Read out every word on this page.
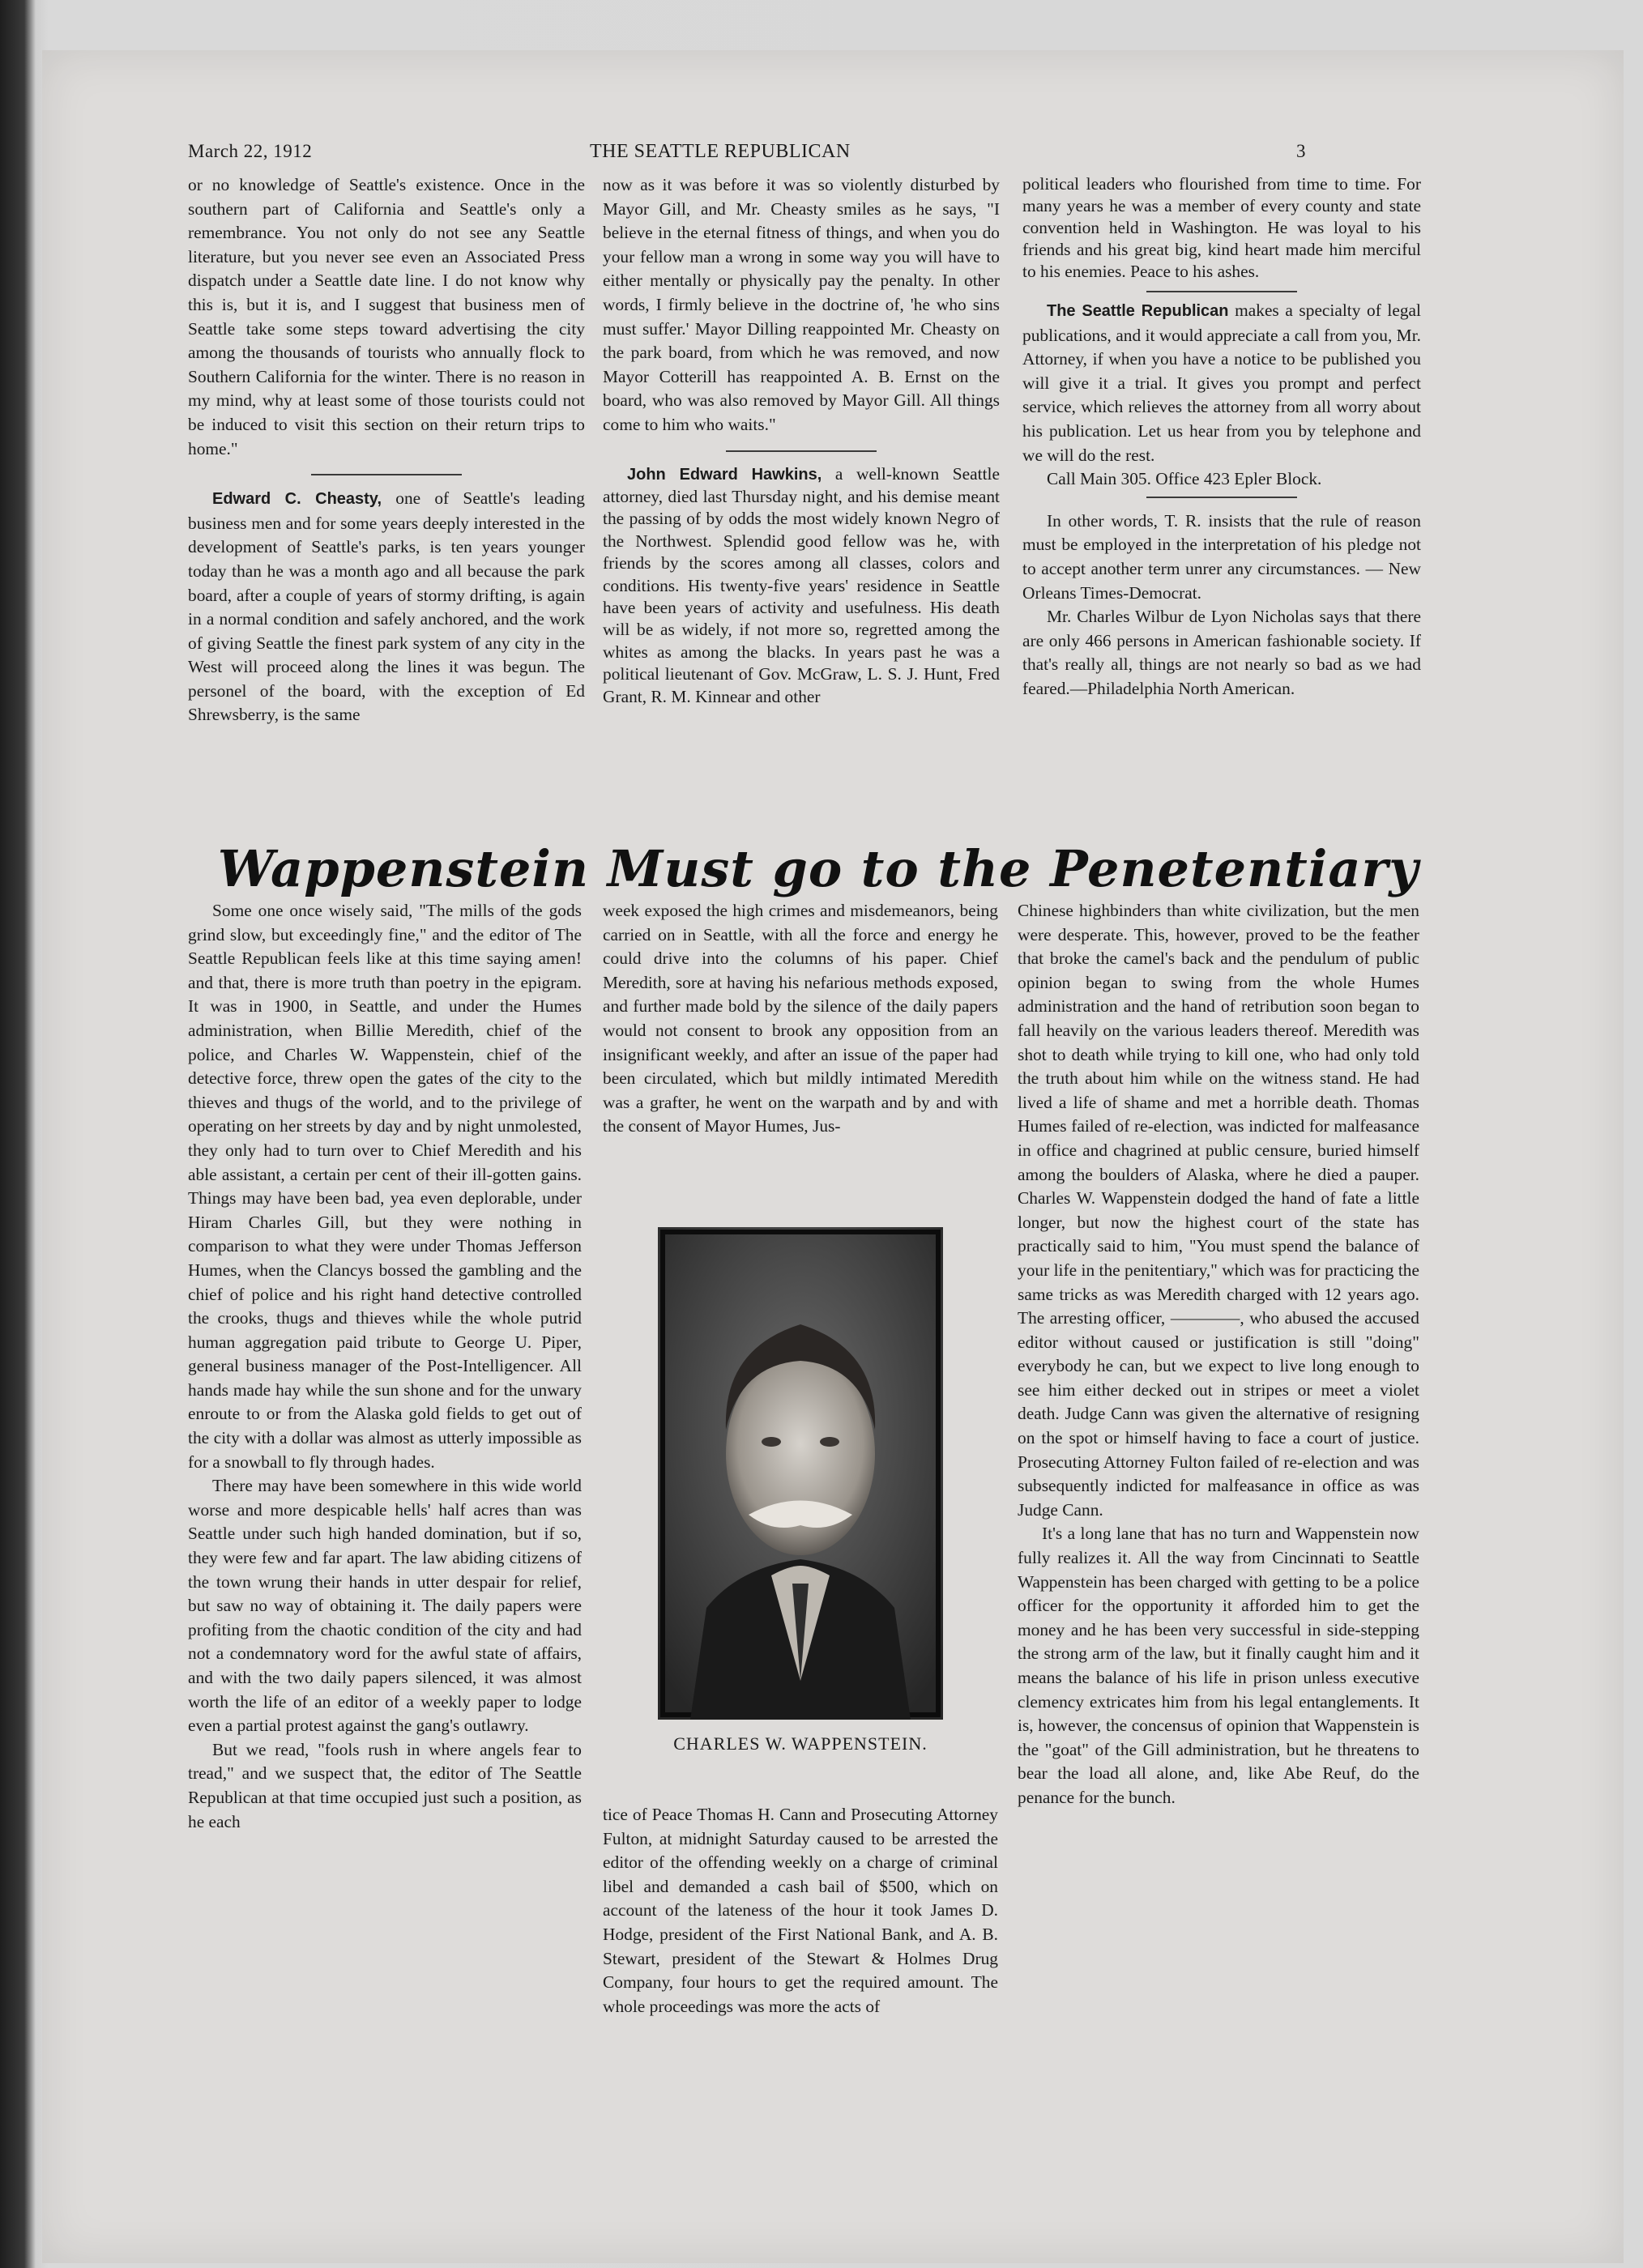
March 22, 1912	THE SEATTLE REPUBLICAN	3

or no knowledge of Seattle's existence. Once in the southern part of California and Seattle's only a remembrance. You not only do not see any Seattle literature, but you never see even an Associated Press dispatch under a Seattle date line. I do not know why this is, but it is, and I suggest that business men of Seattle take some steps toward advertising the city among the thousands of tourists who annually flock to Southern California for the winter. There is no reason in my mind, why at least some of those tourists could not be induced to visit this section on their return trips to home."

Edward C. Cheasty, one of Seattle's leading business men and for some years deeply interested in the development of Seattle's parks, is ten years younger today than he was a month ago and all because the park board, after a couple of years of stormy drifting, is again in a normal condition and safely anchored, and the work of giving Seattle the finest park system of any city in the West will proceed along the lines it was begun. The personel of the board, with the exception of Ed Shrewsberry, is the same

now as it was before it was so violently disturbed by Mayor Gill, and Mr. Cheasty smiles as he says, "I believe in the eternal fitness of things, and when you do your fellow man a wrong in some way you will have to either mentally or physically pay the penalty. In other words, I firmly believe in the doctrine of, 'he who sins must suffer.' Mayor Dilling reappointed Mr. Cheasty on the park board, from which he was removed, and now Mayor Cotterill has reappointed A. B. Ernst on the board, who was also removed by Mayor Gill. All things come to him who waits."

John Edward Hawkins, a well-known Seattle attorney, died last Thursday night, and his demise meant the passing of by odds the most widely known Negro of the Northwest. Splendid good fellow was he, with friends by the scores among all classes, colors and conditions. His twenty-five years' residence in Seattle have been years of activity and usefulness. His death will be as widely, if not more so, regretted among the whites as among the blacks. In years past he was a political lieutenant of Gov. McGraw, L. S. J. Hunt, Fred Grant, R. M. Kinnear and other

political leaders who flourished from time to time. For many years he was a member of every county and state convention held in Washington. He was loyal to his friends and his great big, kind heart made him merciful to his enemies. Peace to his ashes.

The Seattle Republican makes a specialty of legal publications, and it would appreciate a call from you, Mr. Attorney, if when you have a notice to be published you will give it a trial. It gives you prompt and perfect service, which relieves the attorney from all worry about his publication. Let us hear from you by telephone and we will do the rest.

Call Main 305. Office 423 Epler Block.

In other words, T. R. insists that the rule of reason must be employed in the interpretation of his pledge not to accept another term unrer any circumstances. — New Orleans Times-Democrat.

Mr. Charles Wilbur de Lyon Nicholas says that there are only 466 persons in American fashionable society. If that's really all, things are not nearly so bad as we had feared.—Philadelphia North American.

Wappenstein Must go to the Penetentiary

Some one once wisely said, "The mills of the gods grind slow, but exceedingly fine," and the editor of The Seattle Republican feels like at this time saying amen! and that, there is more truth than poetry in the epigram. It was in 1900, in Seattle, and under the Humes administration, when Billie Meredith, chief of the police, and Charles W. Wappenstein, chief of the detective force, threw open the gates of the city to the thieves and thugs of the world, and to the privilege of operating on her streets by day and by night unmolested, they only had to turn over to Chief Meredith and his able assistant, a certain per cent of their ill-gotten gains. Things may have been bad, yea even deplorable, under Hiram Charles Gill, but they were nothing in comparison to what they were under Thomas Jefferson Humes, when the Clancys bossed the gambling and the chief of police and his right hand detective controlled the crooks, thugs and thieves while the whole putrid human aggregation paid tribute to George U. Piper, general business manager of the Post-Intelligencer. All hands made hay while the sun shone and for the unwary enroute to or from the Alaska gold fields to get out of the city with a dollar was almost as utterly impossible as for a snowball to fly through hades.

There may have been somewhere in this wide world worse and more despicable hells' half acres than was Seattle under such high handed domination, but if so, they were few and far apart. The law abiding citizens of the town wrung their hands in utter despair for relief, but saw no way of obtaining it. The daily papers were profiting from the chaotic condition of the city and had not a condemnatory word for the awful state of affairs, and with the two daily papers silenced, it was almost worth the life of an editor of a weekly paper to lodge even a partial protest against the gang's outlawry.

But we read, "fools rush in where angels fear to tread," and we suspect that, the editor of The Seattle Republican at that time occupied just such a position, as he each

week exposed the high crimes and misdemeanors, being carried on in Seattle, with all the force and energy he could drive into the columns of his paper. Chief Meredith, sore at having his nefarious methods exposed, and further made bold by the silence of the daily papers would not consent to brook any opposition from an insignificant weekly, and after an issue of the paper had been circulated, which but mildly intimated Meredith was a grafter, he went on the warpath and by and with the consent of Mayor Humes, Jus-

CHARLES W. WAPPENSTEIN.

tice of Peace Thomas H. Cann and Prosecuting Attorney Fulton, at midnight Saturday caused to be arrested the editor of the offending weekly on a charge of criminal libel and demanded a cash bail of $500, which on account of the lateness of the hour it took James D. Hodge, president of the First National Bank, and A. B. Stewart, president of the Stewart & Holmes Drug Company, four hours to get the required amount. The whole proceedings was more the acts of

Chinese highbinders than white civilization, but the men were desperate. This, however, proved to be the feather that broke the camel's back and the pendulum of public opinion began to swing from the whole Humes administration and the hand of retribution soon began to fall heavily on the various leaders thereof. Meredith was shot to death while trying to kill one, who had only told the truth about him while on the witness stand. He had lived a life of shame and met a horrible death. Thomas Humes failed of re-election, was indicted for malfeasance in office and chagrined at public censure, buried himself among the boulders of Alaska, where he died a pauper. Charles W. Wappenstein dodged the hand of fate a little longer, but now the highest court of the state has practically said to him, "You must spend the balance of your life in the penitentiary," which was for practicing the same tricks as was Meredith charged with 12 years ago. The arresting officer, ————, who abused the accused editor without caused or justification is still "doing" everybody he can, but we expect to live long enough to see him either decked out in stripes or meet a violet death. Judge Cann was given the alternative of resigning on the spot or himself having to face a court of justice. Prosecuting Attorney Fulton failed of re-election and was subsequently indicted for malfeasance in office as was Judge Cann.

It's a long lane that has no turn and Wappenstein now fully realizes it. All the way from Cincinnati to Seattle Wappenstein has been charged with getting to be a police officer for the opportunity it afforded him to get the money and he has been very successful in side-stepping the strong arm of the law, but it finally caught him and it means the balance of his life in prison unless executive clemency extricates him from his legal entanglements. It is, however, the concensus of opinion that Wappenstein is the "goat" of the Gill administration, but he threatens to bear the load all alone, and, like Abe Reuf, do the penance for the bunch.
